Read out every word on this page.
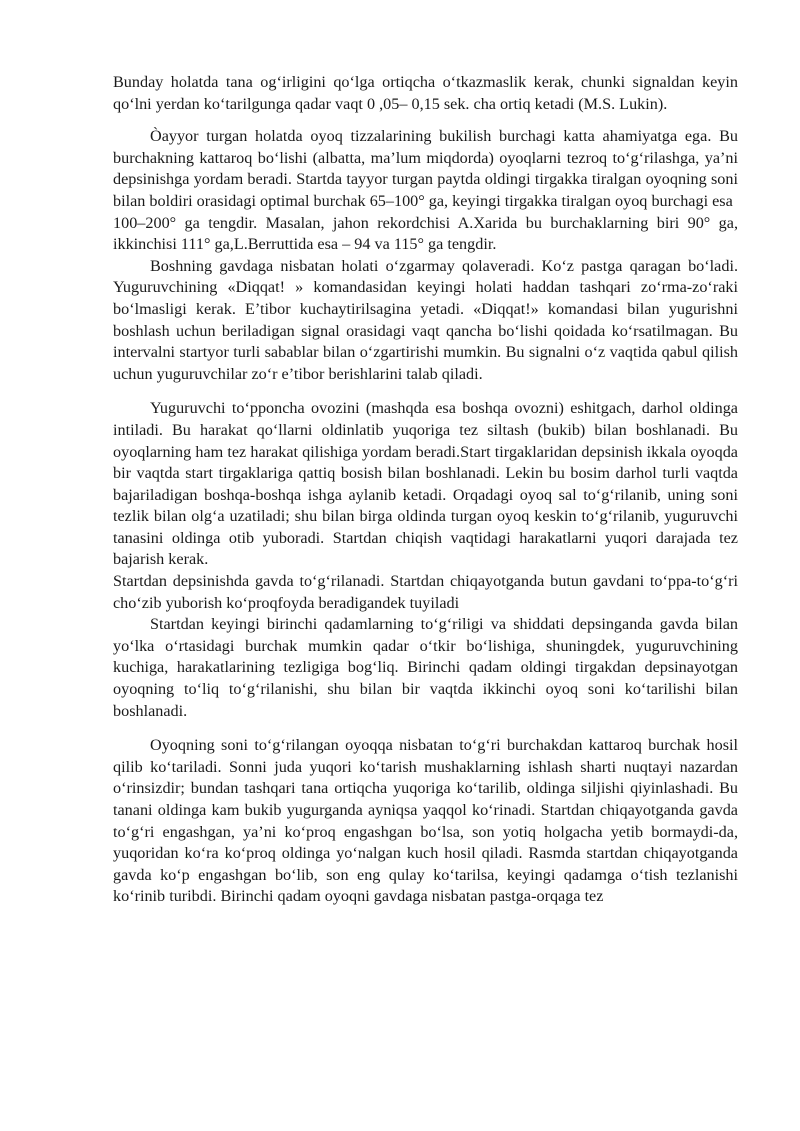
Bunday holatda tana og‘irligini qo‘lga ortiqcha o‘tkazmaslik kerak, chunki signaldan keyin qo‘lni yerdan ko‘tarilgunga qadar vaqt 0 ,05– 0,15 sek. cha ortiq ketadi (M.S. Lukin).

Òayyor turgan holatda oyoq tizzalarining bukilish burchagi katta ahamiyatga ega. Bu burchakning kattaroq bo‘lishi (albatta, ma’lum miqdorda) oyoqlarni tezroq to‘g‘rilashga, ya’ni depsinishga yordam beradi. Startda tayyor turgan paytda oldingi tirgakka tiralgan oyoqning soni bilan boldiri orasidagi optimal burchak 65–100° ga, keyingi tirgakka tiralgan oyoq burchagi esa

100–200° ga tengdir. Masalan, jahon rekordchisi A.Xarida bu burchaklarning biri 90° ga, ikkinchisi 111° ga,L.Berruttida esa – 94 va 115° ga tengdir.

Boshning gavdaga nisbatan holati o‘zgarmay qolaveradi. Ko‘z pastga qaragan bo‘ladi. Yuguruvchining «Diqqat! » komandasidan keyingi holati haddan tashqari zo‘rma-zo‘raki bo‘lmasligi kerak. E’tibor kuchaytirilsagina yetadi. «Diqqat!» komandasi bilan yugurishni boshlash uchun beriladigan signal orasidagi vaqt qancha bo‘lishi qoidada ko‘rsatilmagan. Bu intervalni startyor turli sabablar bilan o‘zgartirishi mumkin. Bu signalni o‘z vaqtida qabul qilish uchun yuguruvchilar zo‘r e’tibor berishlarini talab qiladi.

Yuguruvchi to‘pponcha ovozini (mashqda esa boshqa ovozni) eshitgach, darhol oldinga intiladi. Bu harakat qo‘llarni oldinlatib yuqoriga tez siltash (bukib) bilan boshlanadi. Bu oyoqlarning ham tez harakat qilishiga yordam beradi.Start tirgaklaridan depsinish ikkala oyoqda bir vaqtda start tirgaklariga qattiq bosish bilan boshlanadi. Lekin bu bosim darhol turli vaqtda bajariladigan boshqa-boshqa ishga aylanib ketadi. Orqadagi oyoq sal to‘g‘rilanib, uning soni tezlik bilan olg‘a uzatiladi; shu bilan birga oldinda turgan oyoq keskin to‘g‘rilanib, yuguruvchi tanasini oldinga otib yuboradi. Startdan chiqish vaqtidagi harakatlarni yuqori darajada tez bajarish kerak.

Startdan depsinishda gavda to‘g‘rilanadi. Startdan chiqayotganda butun gavdani to‘ppa-to‘g‘ri cho‘zib yuborish ko‘proqfoyda beradigandek tuyiladi

Startdan keyingi birinchi qadamlarning to‘g‘riligi va shiddati depsinganda gavda bilan yo‘lka o‘rtasidagi burchak mumkin qadar o‘tkir bo‘lishiga, shuningdek, yuguruvchining kuchiga, harakatlarining tezligiga bog‘liq. Birinchi qadam oldingi tirgakdan depsinayotgan oyoqning to‘liq to‘g‘rilanishi, shu bilan bir vaqtda ikkinchi oyoq soni ko‘tarilishi bilan boshlanadi.

Oyoqning soni to‘g‘rilangan oyoqqa nisbatan to‘g‘ri burchakdan kattaroq burchak hosil qilib ko‘tariladi. Sonni juda yuqori ko‘tarish mushaklarning ishlash sharti nuqtayi nazardan o‘rinsizdir; bundan tashqari tana ortiqcha yuqoriga ko‘tarilib, oldinga siljishi qiyinlashadi. Bu tanani oldinga kam bukib yugurganda ayniqsa yaqqol ko‘rinadi. Startdan chiqayotganda gavda to‘g‘ri engashgan, ya’ni ko‘proq engashgan bo‘lsa, son yotiq holgacha yetib bormaydi-da, yuqoridan ko‘ra ko‘proq oldinga yo‘nalgan kuch hosil qiladi. Rasmda startdan chiqayotganda gavda ko‘p engashgan bo‘lib, son eng qulay ko‘tarilsa, keyingi qadamga o‘tish tezlanishi ko‘rinib turibdi. Birinchi qadam oyoqni gavdaga nisbatan pastga-orqaga tez
